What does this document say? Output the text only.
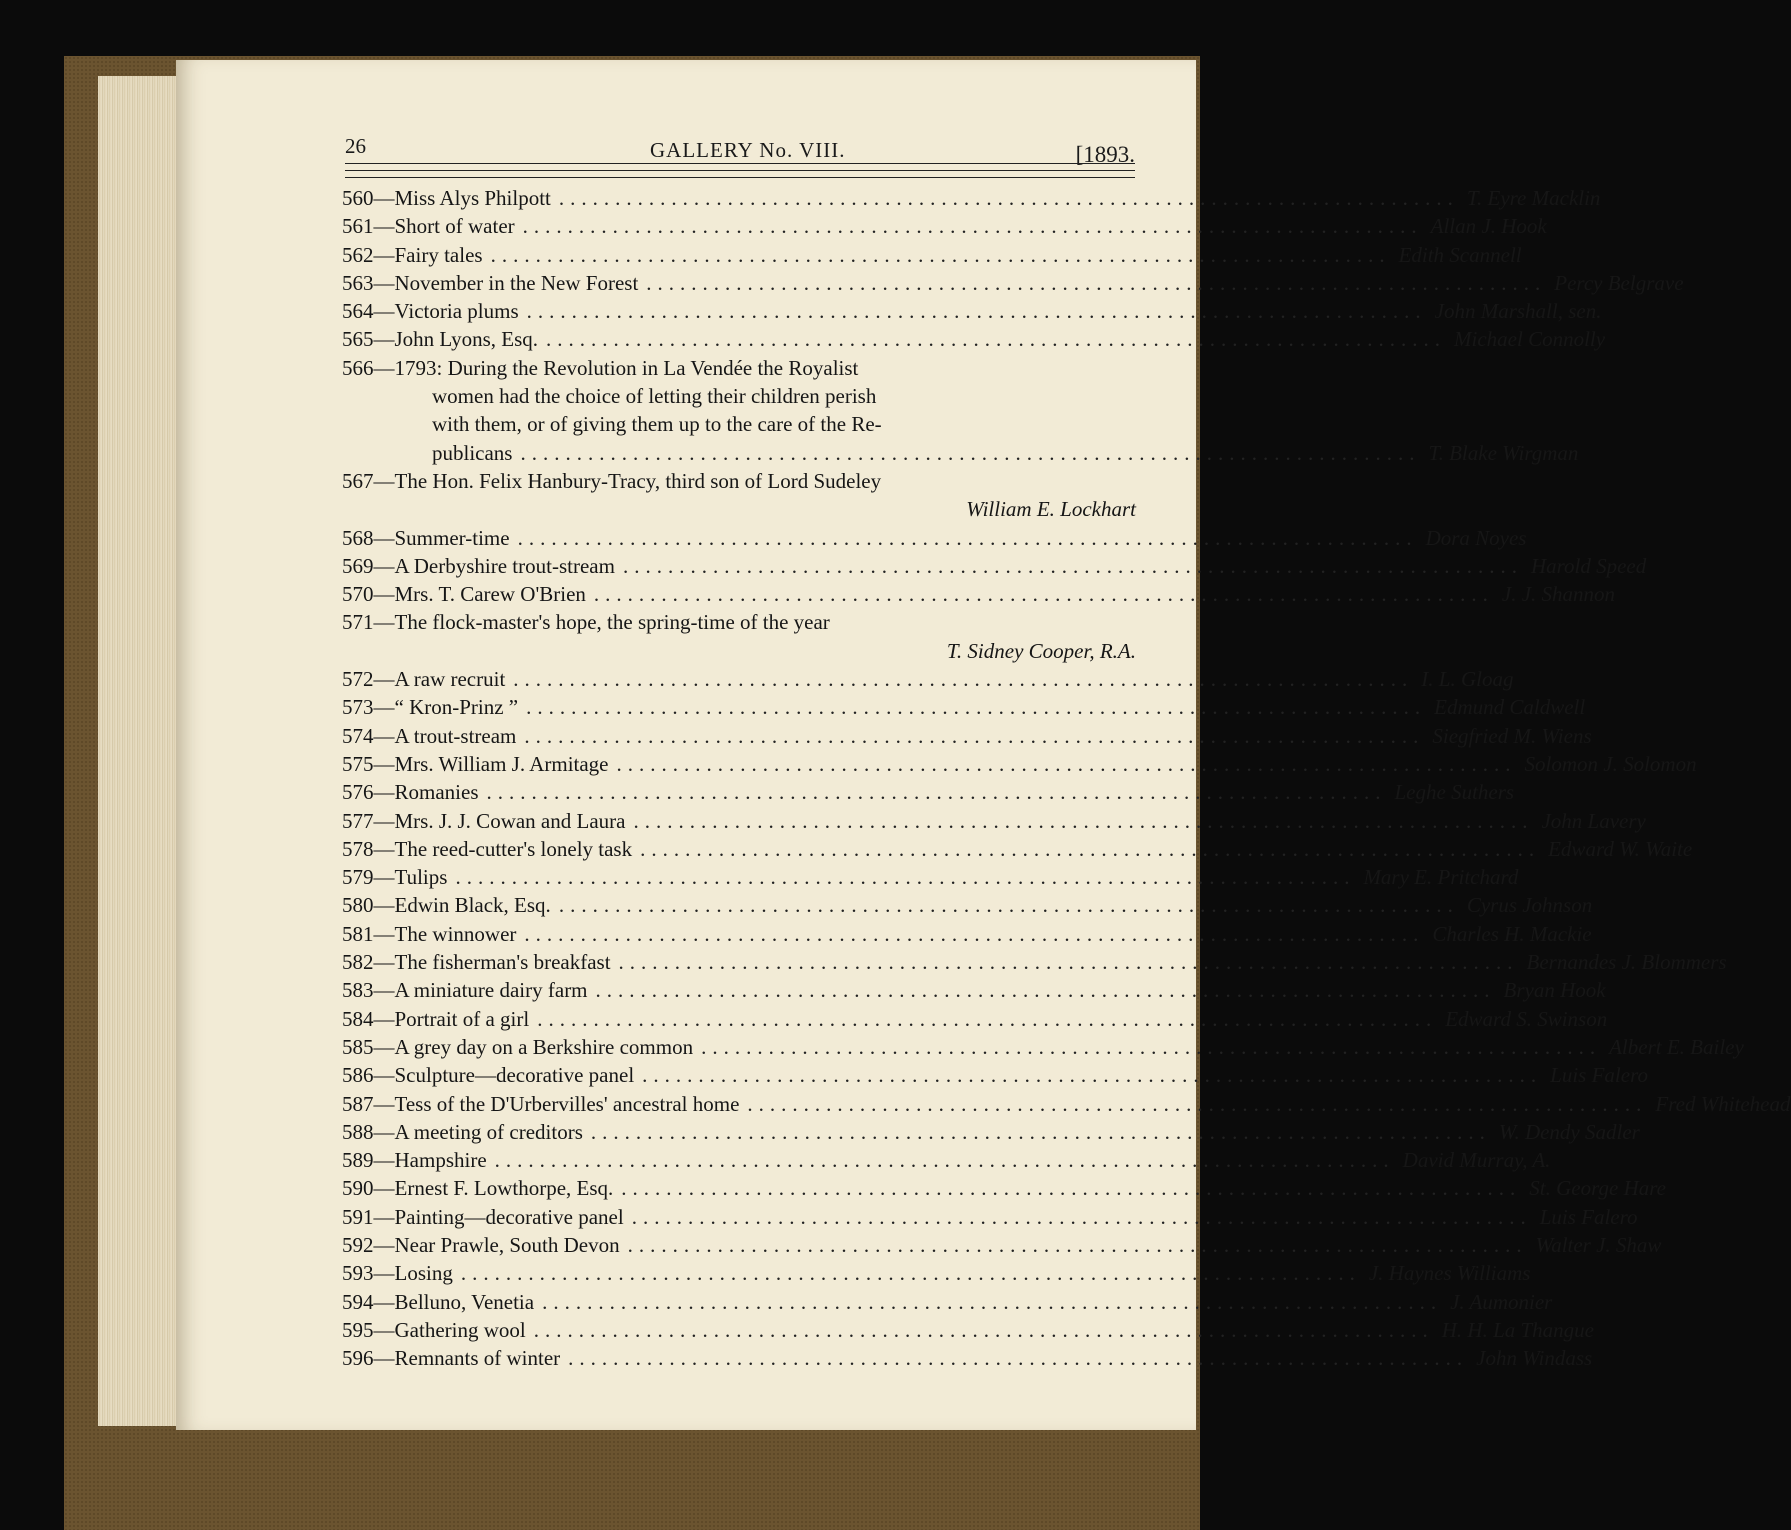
26	GALLERY No. VIII.	[1893.
560— Miss Alys Philpott ................................................................................ T. Eyre Macklin
561— Short of water ................................................................................ Allan J. Hook
562— Fairy tales ................................................................................ Edith Scannell
563— November in the New Forest ................................................................................ Percy Belgrave
564— Victoria plums ................................................................................ John Marshall, sen.
565— John Lyons, Esq. ................................................................................ Michael Connolly
566— 1793: During the Revolution in La Vendée the Royalist
women had the choice of letting their children perish
with them, or of giving them up to the care of the Re-
publicans ................................................................................ T. Blake Wirgman
567— The Hon. Felix Hanbury-Tracy, third son of Lord Sudeley
William E. Lockhart
568— Summer-time ................................................................................ Dora Noyes
569— A Derbyshire trout-stream ................................................................................ Harold Speed
570— Mrs. T. Carew O'Brien ................................................................................ J. J. Shannon
571— The flock-master's hope, the spring-time of the year
T. Sidney Cooper, R.A.
572— A raw recruit ................................................................................ I. L. Gloag
573— “ Kron-Prinz ” ................................................................................ Edmund Caldwell
574— A trout-stream ................................................................................ Siegfried M. Wiens
575— Mrs. William J. Armitage ................................................................................ Solomon J. Solomon
576— Romanies ................................................................................ Leghe Suthers
577— Mrs. J. J. Cowan and Laura ................................................................................ John Lavery
578— The reed-cutter's lonely task ................................................................................ Edward W. Waite
579— Tulips ................................................................................ Mary E. Pritchard
580— Edwin Black, Esq. ................................................................................ Cyrus Johnson
581— The winnower ................................................................................ Charles H. Mackie
582— The fisherman's breakfast ................................................................................ Bernandes J. Blommers
583— A miniature dairy farm ................................................................................ Bryan Hook
584— Portrait of a girl ................................................................................ Edward S. Swinson
585— A grey day on a Berkshire common ................................................................................ Albert E. Bailey
586— Sculpture—decorative panel ................................................................................ Luis Falero
587— Tess of the D'Urbervilles' ancestral home ................................................................................ Fred Whitehead
588— A meeting of creditors ................................................................................ W. Dendy Sadler
589— Hampshire ................................................................................ David Murray, A.
590— Ernest F. Lowthorpe, Esq. ................................................................................ St. George Hare
591— Painting—decorative panel ................................................................................ Luis Falero
592— Near Prawle, South Devon ................................................................................ Walter J. Shaw
593— Losing ................................................................................ J. Haynes Williams
594— Belluno, Venetia ................................................................................ J. Aumonier
595— Gathering wool ................................................................................ H. H. La Thangue
596— Remnants of winter ................................................................................ John Windass
